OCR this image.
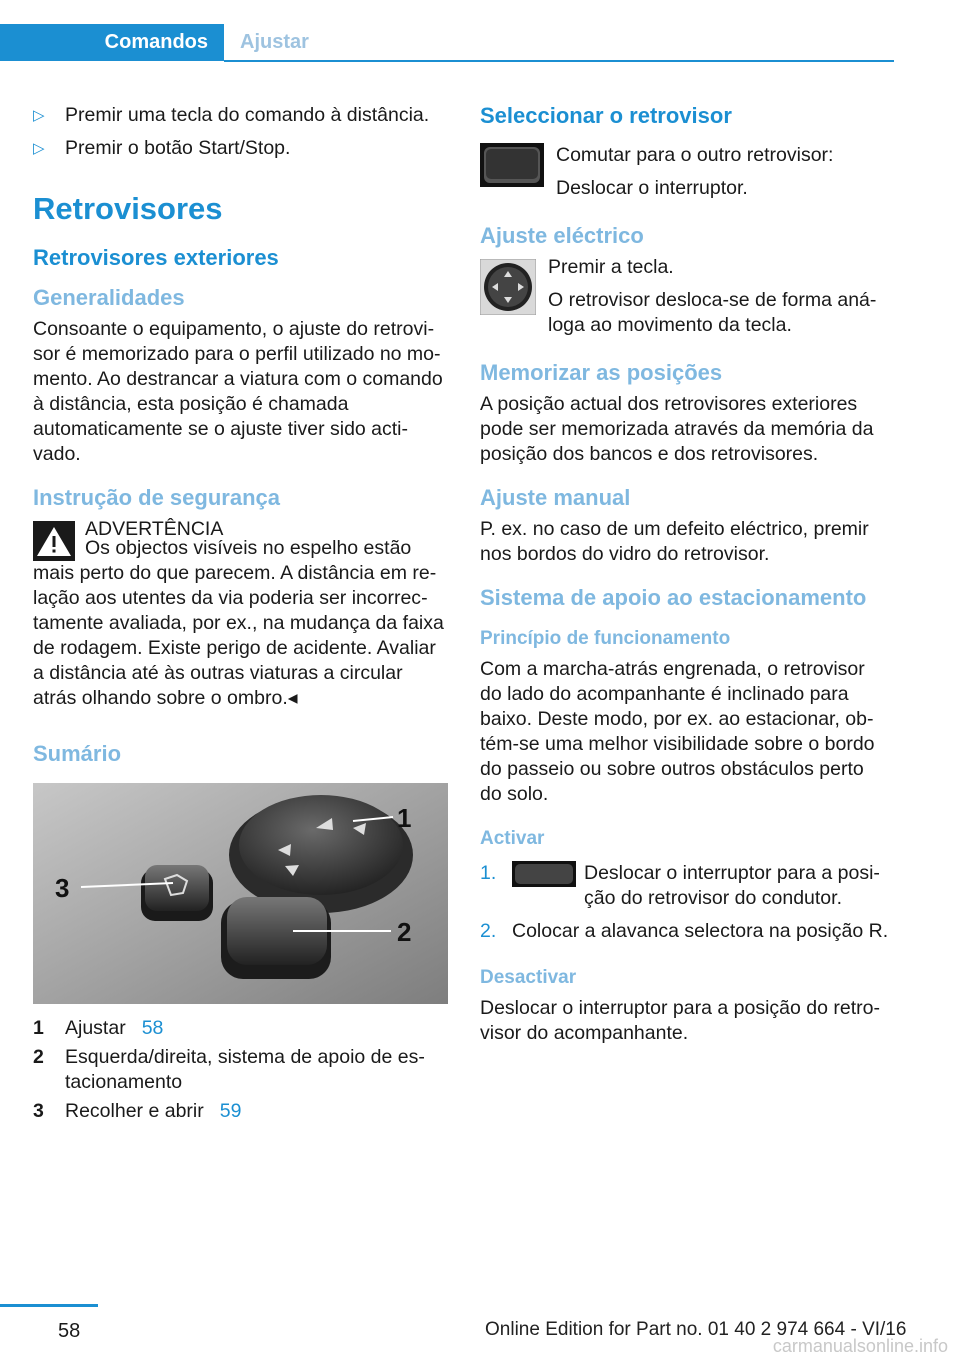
Comandos	Ajustar
▷	Premir uma tecla do comando à distância.
▷	Premir o botão Start/Stop.
Retrovisores
Retrovisores exteriores
Generalidades

Consoante o equipamento, o ajuste do retrovisor é memorizado para o perfil utilizado no momento. Ao destrancar a viatura com o comando à distância, esta posição é chamada automaticamente se o ajuste tiver sido activado.

Instrução de segurança

ADVERTÊNCIA

Os objectos visíveis no espelho estão mais perto do que parecem. A distância em relação aos utentes da via poderia ser incorrectamente avaliada, por ex., na mudança da faixa de rodagem. Existe perigo de acidente. Avaliar a distância até às outras viaturas a circular atrás olhando sobre o ombro.◂

Sumário
1
2
3
1	Ajustar 58
2	Esquerda/direita, sistema de apoio de estacionamento
3	Recolher e abrir 59
Seleccionar o retrovisor

Comutar para o outro retrovisor:

Deslocar o interruptor.

Ajuste eléctrico

Premir a tecla.

O retrovisor desloca-se de forma análoga ao movimento da tecla.

Memorizar as posições

A posição actual dos retrovisores exteriores pode ser memorizada através da memória da posição dos bancos e dos retrovisores.

Ajuste manual

P. ex. no caso de um defeito eléctrico, premir nos bordos do vidro do retrovisor.

Sistema de apoio ao estacionamento
Princípio de funcionamento

Com a marcha-atrás engrenada, o retrovisor do lado do acompanhante é inclinado para baixo. Deste modo, por ex. ao estacionar, obtém-se uma melhor visibilidade sobre o bordo do passeio ou sobre outros obstáculos perto do solo.

Activar
1.	Deslocar o interruptor para a posição do retrovisor do condutor.
2. Colocar a alavanca selectora na posição R.
Desactivar

Deslocar o interruptor para a posição do retrovisor do acompanhante.

58	Online Edition for Part no. 01 40 2 974 664 - VI/16
carmanualsonline.info
